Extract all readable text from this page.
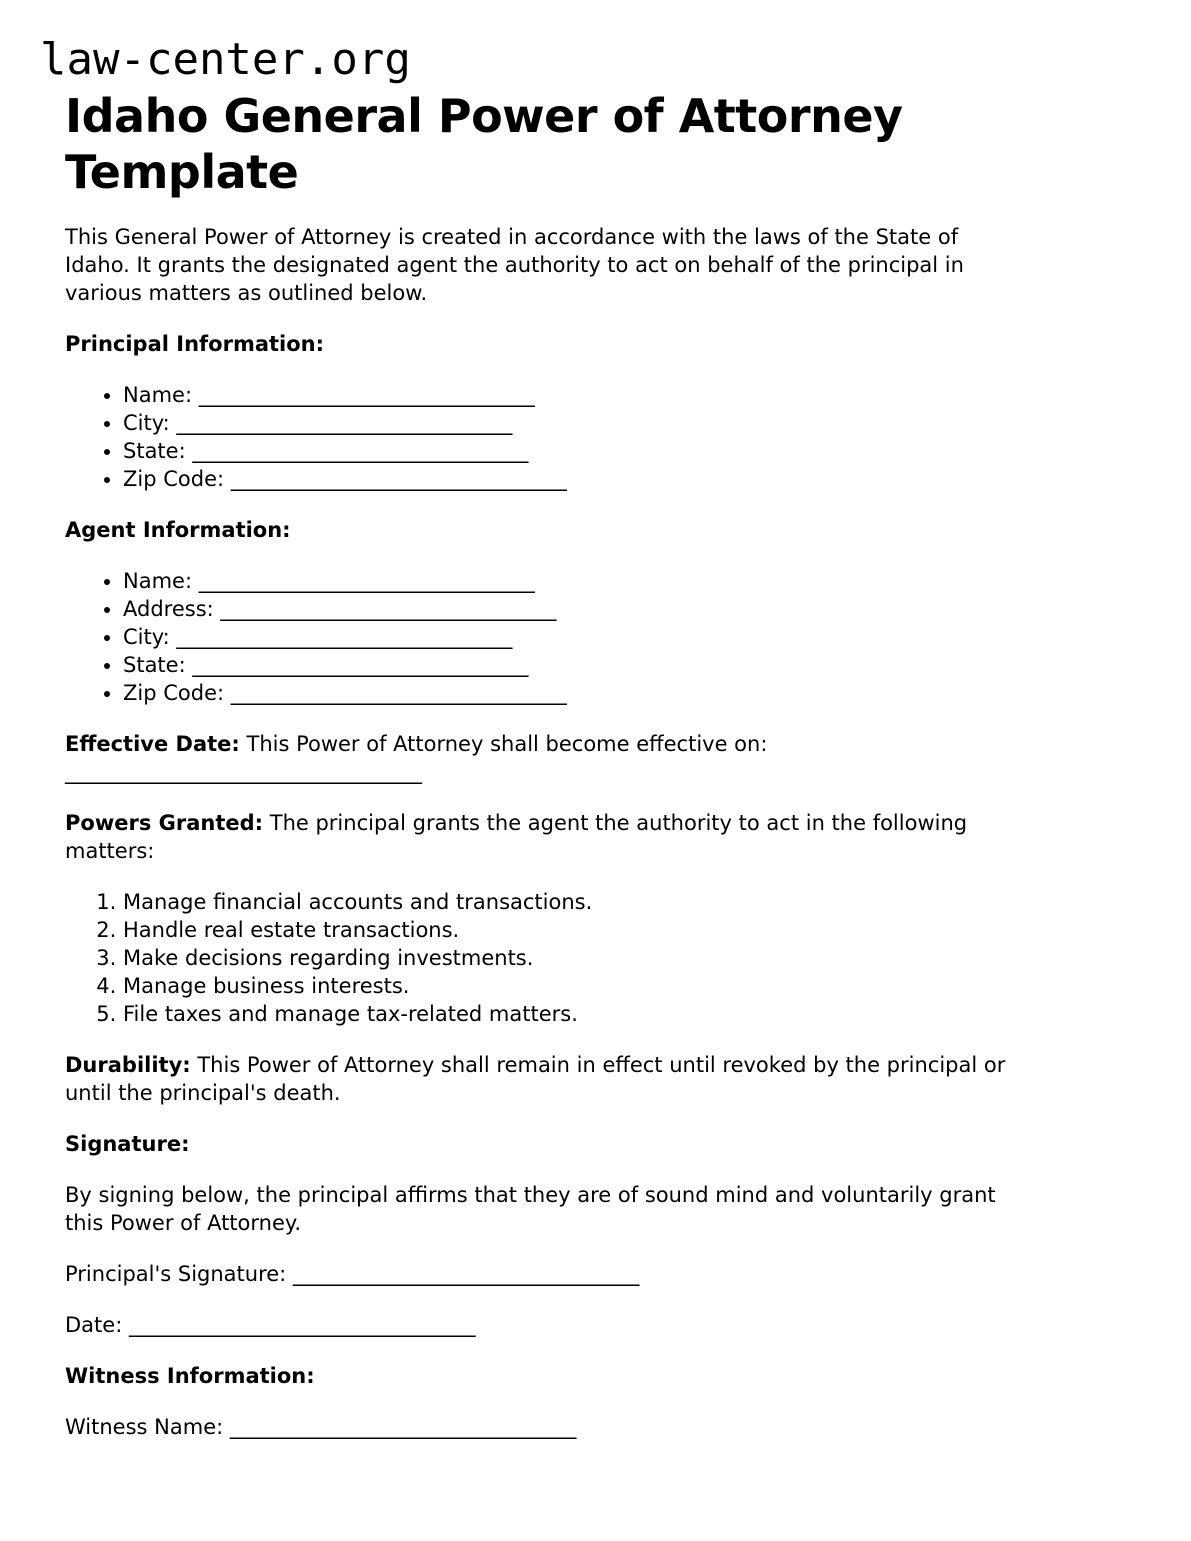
law-center.org
Idaho General Power of Attorney
Template
This General Power of Attorney is created in accordance with the laws of the State of
Idaho. It grants the designated agent the authority to act on behalf of the principal in
various matters as outlined below.
Principal Information:
• Name: ________________________________
• City: ________________________________
• State: ________________________________
• Zip Code: ________________________________
Agent Information:
• Name: ________________________________
• Address: ________________________________
• City: ________________________________
• State: ________________________________
• Zip Code: ________________________________
Effective Date: This Power of Attorney shall become effective on:
__________________________________
Powers Granted: The principal grants the agent the authority to act in the following
matters:
1. Manage financial accounts and transactions.
2. Handle real estate transactions.
3. Make decisions regarding investments.
4. Manage business interests.
5. File taxes and manage tax-related matters.
Durability: This Power of Attorney shall remain in effect until revoked by the principal or
until the principal's death.
Signature:
By signing below, the principal affirms that they are of sound mind and voluntarily grant
this Power of Attorney.
Principal's Signature: _________________________________
Date: _________________________________
Witness Information:
Witness Name: _________________________________
